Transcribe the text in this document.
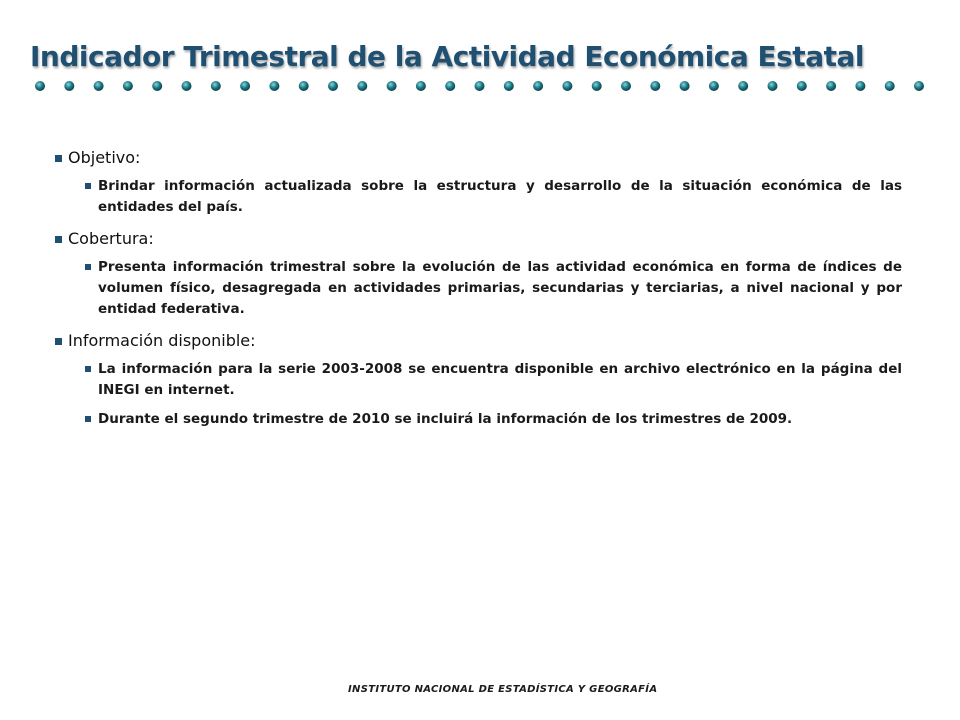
Indicador Trimestral de la Actividad Económica Estatal
Objetivo:
Brindar información actualizada sobre la estructura y desarrollo de la situación económica de las entidades del país.
Cobertura:
Presenta información trimestral sobre la evolución de las actividad económica en forma de índices de volumen físico, desagregada en actividades primarias, secundarias y terciarias, a nivel nacional y por entidad federativa.
Información disponible:
La información para la serie 2003-2008 se encuentra disponible en archivo electrónico en la página del INEGI en internet.
Durante el segundo trimestre de 2010 se incluirá la información de los trimestres de 2009.
INSTITUTO NACIONAL DE ESTADÍSTICA Y GEOGRAFÍA
